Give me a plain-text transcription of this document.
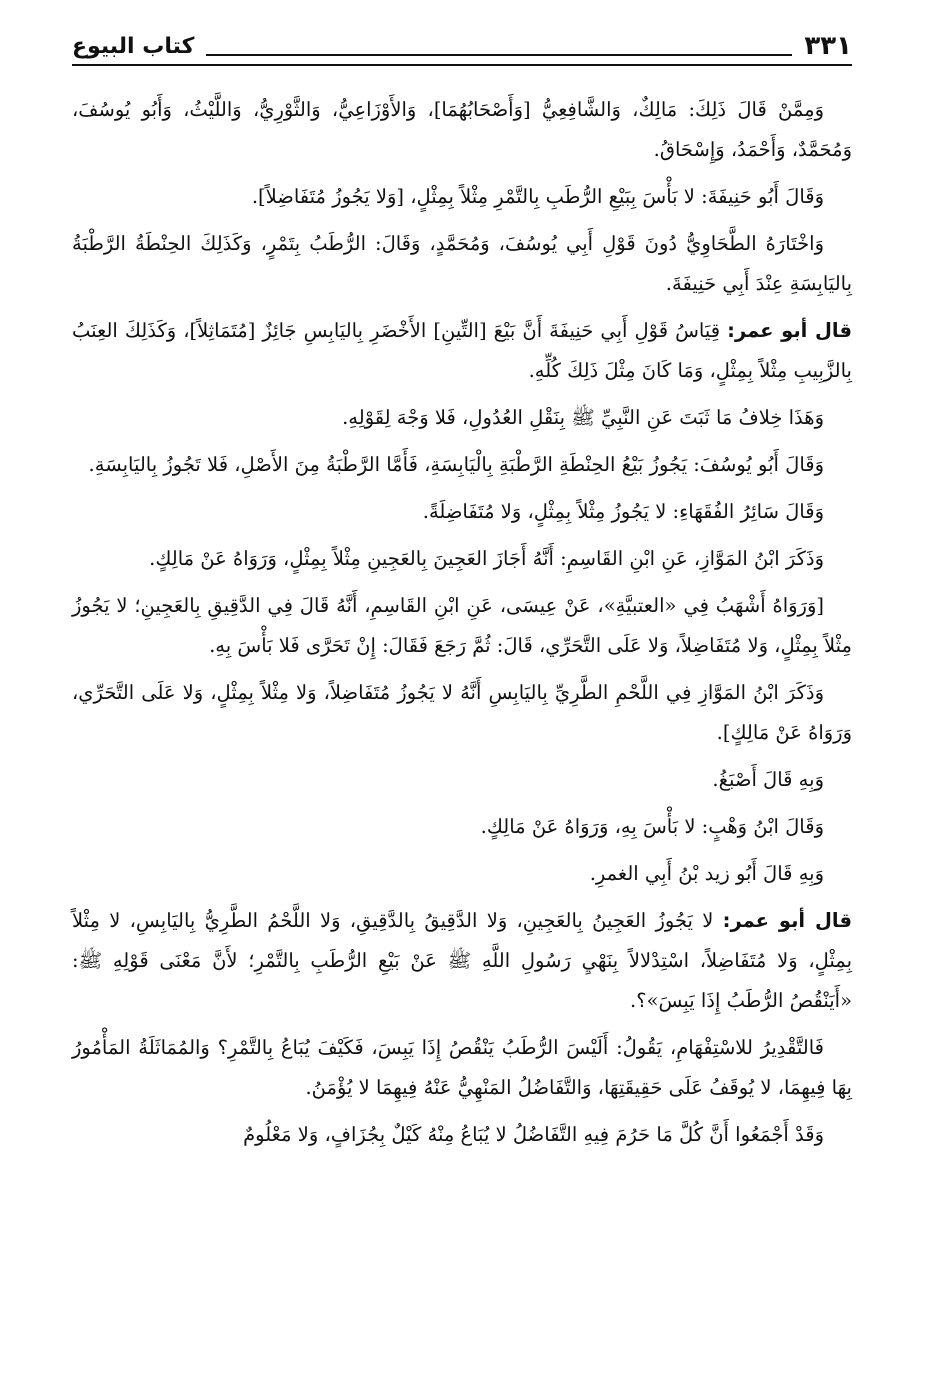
كتاب البيوع	٣٣١

وَمِمَّنْ قَالَ ذَلِكَ: مَالِكٌ، وَالشَّافِعِيُّ [وَأَصْحَابُهُمَا]، وَالأَوْزَاعِيُّ، وَالثَّوْرِيُّ، وَاللَّيْثُ، وَأَبُو يُوسُفَ، وَمُحَمَّدٌ، وَأَحْمَدُ، وَإِسْحَاقُ.

وَقَالَ أَبُو حَنِيفَةَ: لا بَأْسَ بِبَيْعِ الرُّطَبِ بِالتَّمْرِ مِثْلاً بِمِثْلٍ، [وَلا يَجُوزُ مُتَفَاضِلاً].

وَاخْتَارَهُ الطَّحَاوِيُّ دُونَ قَوْلِ أَبِي يُوسُفَ، وَمُحَمَّدٍ، وَقَالَ: الرُّطَبُ بِتَمْرٍ، وَكَذَلِكَ الحِنْطَةُ الرَّطْبَةُ بِاليَابِسَةِ عِنْدَ أَبِي حَنِيفَةَ.

قال أبو عمر: قِيَاسُ قَوْلِ أَبِي حَنِيفَةَ أَنَّ بَيْعَ [التِّينِ] الأَخْضَرِ بِاليَابِسِ جَائِزٌ [مُتَمَاثِلاً]، وَكَذَلِكَ العِنَبُ بِالزَّبِيبِ مِثْلاً بِمِثْلٍ، وَمَا كَانَ مِثْلَ ذَلِكَ كُلِّهِ.

وَهَذَا خِلافُ مَا ثَبَتَ عَنِ النَّبِيِّ ﷺ بِنَقْلِ العُدُولِ، فَلا وَجْهَ لِقَوْلِهِ.

وَقَالَ أَبُو يُوسُفَ: يَجُوزُ بَيْعُ الحِنْطَةِ الرَّطْبَةِ بِالْيَابِسَةِ، فَأَمَّا الرَّطْبَةُ مِنَ الأَصْلِ، فَلا تَجُوزُ بِاليَابِسَةِ.

وَقَالَ سَائِرُ الفُقَهَاءِ: لا يَجُوزُ مِثْلاً بِمِثْلٍ، وَلا مُتَفَاضِلَةً.

وَذَكَرَ ابْنُ المَوَّازِ، عَنِ ابْنِ القَاسِمِ: أَنَّهُ أَجَازَ العَجِينَ بِالعَجِينِ مِثْلاً بِمِثْلٍ، وَرَوَاهُ عَنْ مَالِكٍ.

[وَرَوَاهُ أَشْهَبُ فِي «العتبيَّةِ»، عَنْ عِيسَى، عَنِ ابْنِ القَاسِمِ، أَنَّهُ قَالَ فِي الدَّقِيقِ بِالعَجِينِ؛ لا يَجُوزُ مِثْلاً بِمِثْلٍ، وَلا مُتَفَاضِلاً، وَلا عَلَى التَّحَرِّي، قَالَ: ثُمَّ رَجَعَ فَقَالَ: إِنْ تَحَرَّى فَلا بَأْسَ بِهِ.

وَذَكَرَ ابْنُ المَوَّازِ فِي اللَّحْمِ الطَّرِيِّ بِاليَابِسِ أَنَّهُ لا يَجُوزُ مُتَفَاضِلاً، وَلا مِثْلاً بِمِثْلٍ، وَلا عَلَى التَّحَرِّي، وَرَوَاهُ عَنْ مَالِكٍ].

وَبِهِ قَالَ أَصْبَغُ.

وَقَالَ ابْنُ وَهْبٍ: لا بَأْسَ بِهِ، وَرَوَاهُ عَنْ مَالِكٍ.

وَبِهِ قَالَ أَبُو زيد بْنُ أَبِي الغمرِ.

قال أبو عمر: لا يَجُوزُ العَجِينُ بِالعَجِينِ، وَلا الدَّقِيقُ بِالدَّقِيقِ، وَلا اللَّحْمُ الطَّرِيُّ بِاليَابِسِ، لا مِثْلاً بِمِثْلٍ، وَلا مُتَفَاضِلاً، اسْتِدْلالاً بِنَهْيِ رَسُولِ اللَّهِ ﷺ عَنْ بَيْعِ الرُّطَبِ بِالتَّمْرِ؛ لأَنَّ مَعْنَى قَوْلِهِ ﷺ: «أَيَنْقُصُ الرُّطَبُ إِذَا يَبِسَ»؟.

فَالتَّقْدِيرُ للاسْتِفْهَامِ، يَقُولُ: أَلَيْسَ الرُّطَبُ يَنْقُصُ إِذَا يَبِسَ، فَكَيْفَ يُبَاعُ بِالتَّمْرِ؟ وَالمُمَاثَلَةُ المَأْمُورُ بِهَا فِيهِمَا، لا يُوقَفُ عَلَى حَقِيقَتِهَا، وَالتَّفَاضُلُ المَنْهِيُّ عَنْهُ فِيهِمَا لا يُؤْمَنُ.

وَقَدْ أَجْمَعُوا أَنَّ كُلَّ مَا حَرُمَ فِيهِ التَّفَاضُلُ لا يُبَاعُ مِنْهُ كَيْلٌ بِجُزَافٍ، وَلا مَعْلُومٌ
